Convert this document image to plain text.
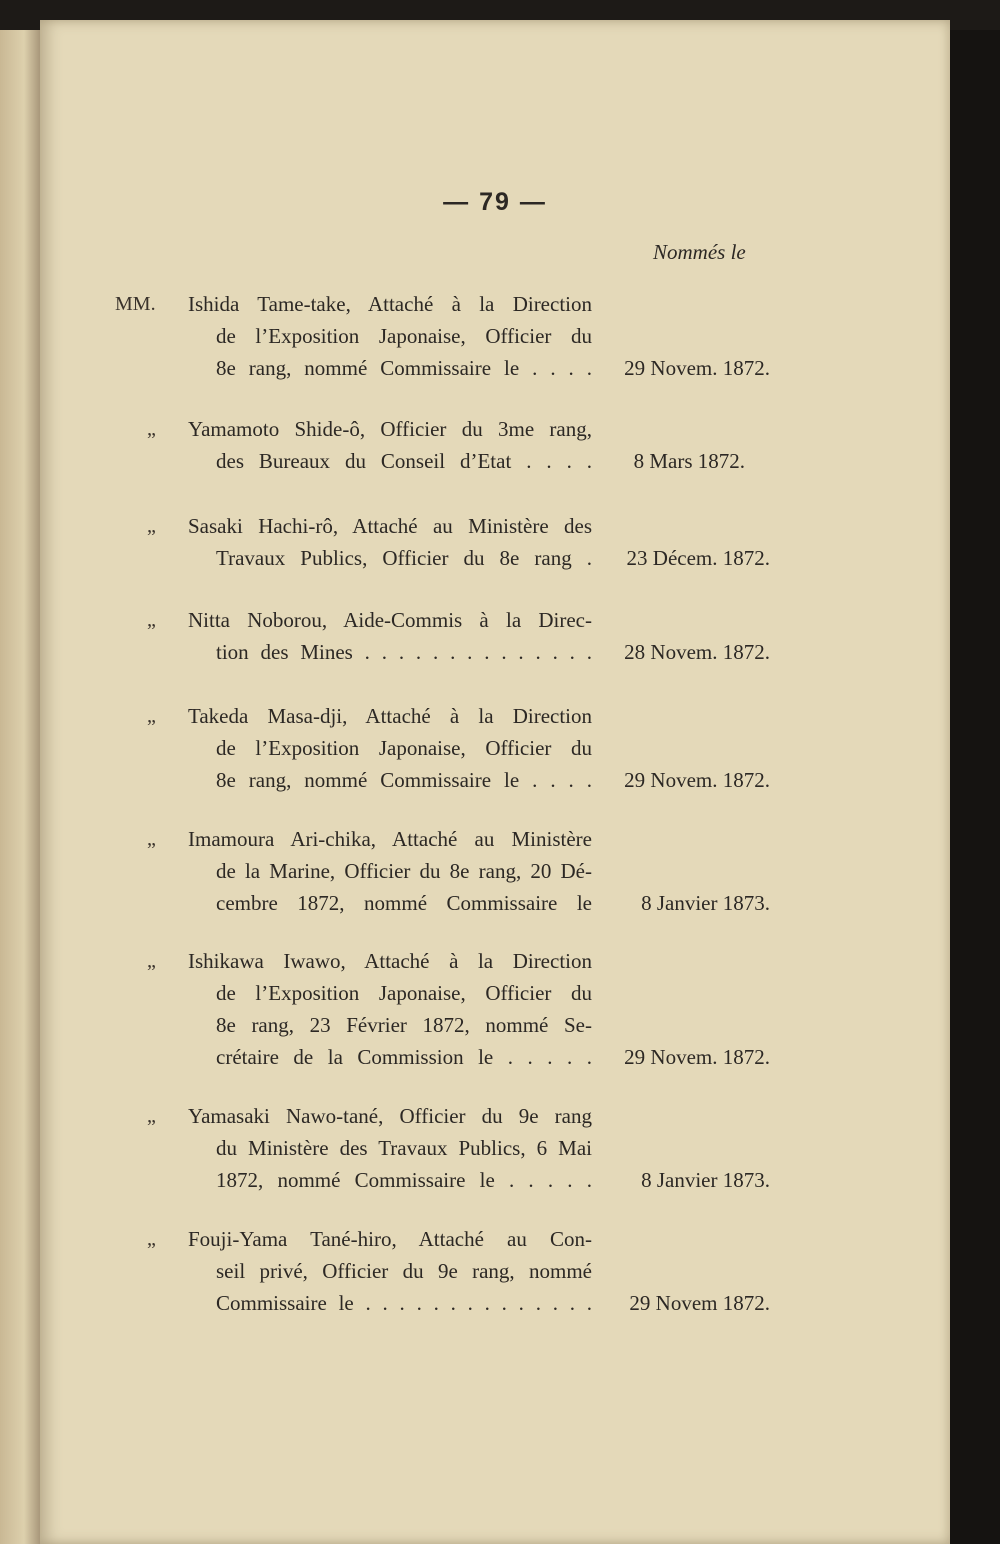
— 79 —
Nommés le
MM. Ishida Tame-take, Attaché à la Direction
de l’Exposition Japonaise, Officier du
8e rang, nommé Commissaire le . . . .	29 Novem. 1872.
„	Yamamoto Shide-ô, Officier du 3me rang,
des Bureaux du Conseil d’Etat . . . .	8 Mars 1872.
„	Sasaki Hachi-rô, Attaché au Ministère des
Travaux Publics, Officier du 8e rang .	23 Décem. 1872.
„	Nitta Noborou, Aide-Commis à la Direc-
tion des Mines . . . . . . . . . . . . . .	28 Novem. 1872.
„	Takeda Masa-dji, Attaché à la Direction
de l’Exposition Japonaise, Officier du
8e rang, nommé Commissaire le . . . .	29 Novem. 1872.
„	Imamoura Ari-chika, Attaché au Ministère
de la Marine, Officier du 8e rang, 20 Dé-
cembre 1872, nommé Commissaire le	8 Janvier 1873.
„	Ishikawa Iwawo, Attaché à la Direction
de l’Exposition Japonaise, Officier du
8e rang, 23 Février 1872, nommé Se-
crétaire de la Commission le . . . . .	29 Novem. 1872.
„	Yamasaki Nawo-tané, Officier du 9e rang
du Ministère des Travaux Publics, 6 Mai
1872, nommé Commissaire le . . . . .	8 Janvier 1873.
„	Fouji-Yama Tané-hiro, Attaché au Con-
seil privé, Officier du 9e rang, nommé
Commissaire le . . . . . . . . . . . . . .	29 Novem 1872.
